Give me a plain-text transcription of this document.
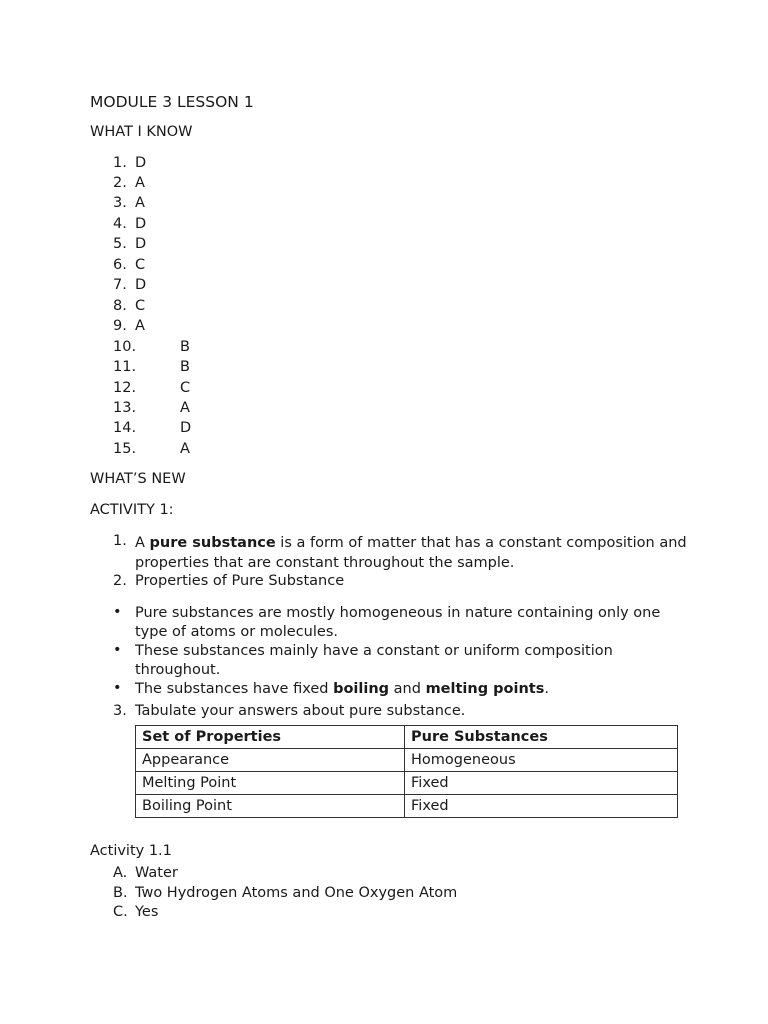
MODULE 3 LESSON 1
WHAT I KNOW
1. D
2. A
3. A
4. D
5. D
6. C
7. D
8. C
9. A
10.	B
11.	B
12.	C
13.	A
14.	D
15.	A
WHAT’S NEW
ACTIVITY 1:
1. A pure substance is a form of matter that has a constant composition and properties that are constant throughout the sample.
2. Properties of Pure Substance
• Pure substances are mostly homogeneous in nature containing only one type of atoms or molecules.
• These substances mainly have a constant or uniform composition throughout.
• The substances have fixed boiling and melting points.
3. Tabulate your answers about pure substance.
Set of Properties	Pure Substances
Appearance	Homogeneous
Melting Point	Fixed
Boiling Point	Fixed
Activity 1.1
A. Water
B. Two Hydrogen Atoms and One Oxygen Atom
C. Yes
